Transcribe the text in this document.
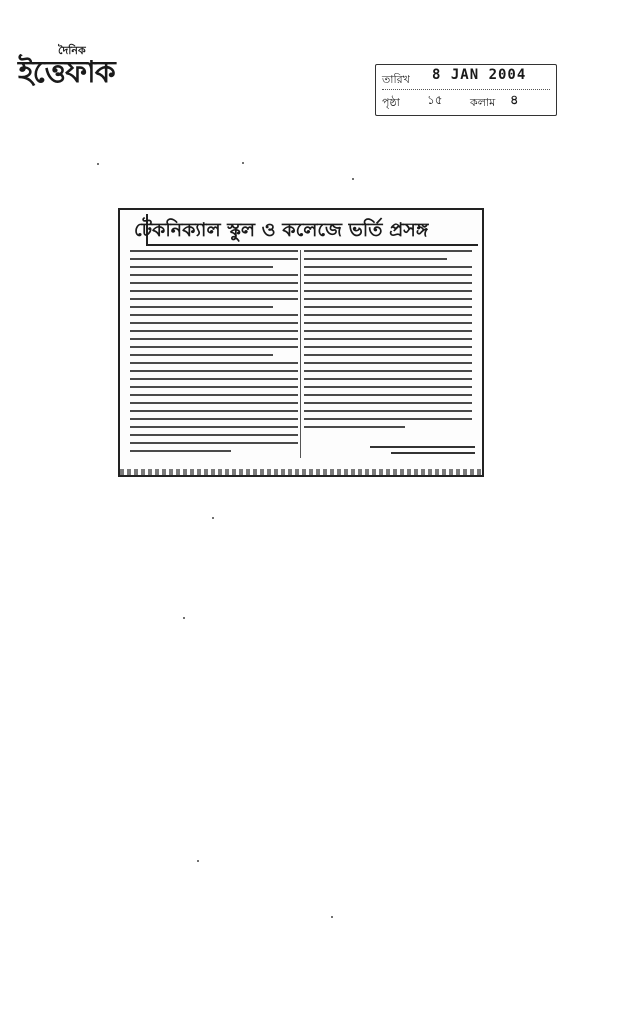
দৈনিক
ইত্তেফাক	তারিখ 8 JAN 2004
পৃষ্ঠা ১৫ কলাম ৪
টেকনিক্যাল স্কুল ও কলেজে ভর্তি প্রসঙ্গ
